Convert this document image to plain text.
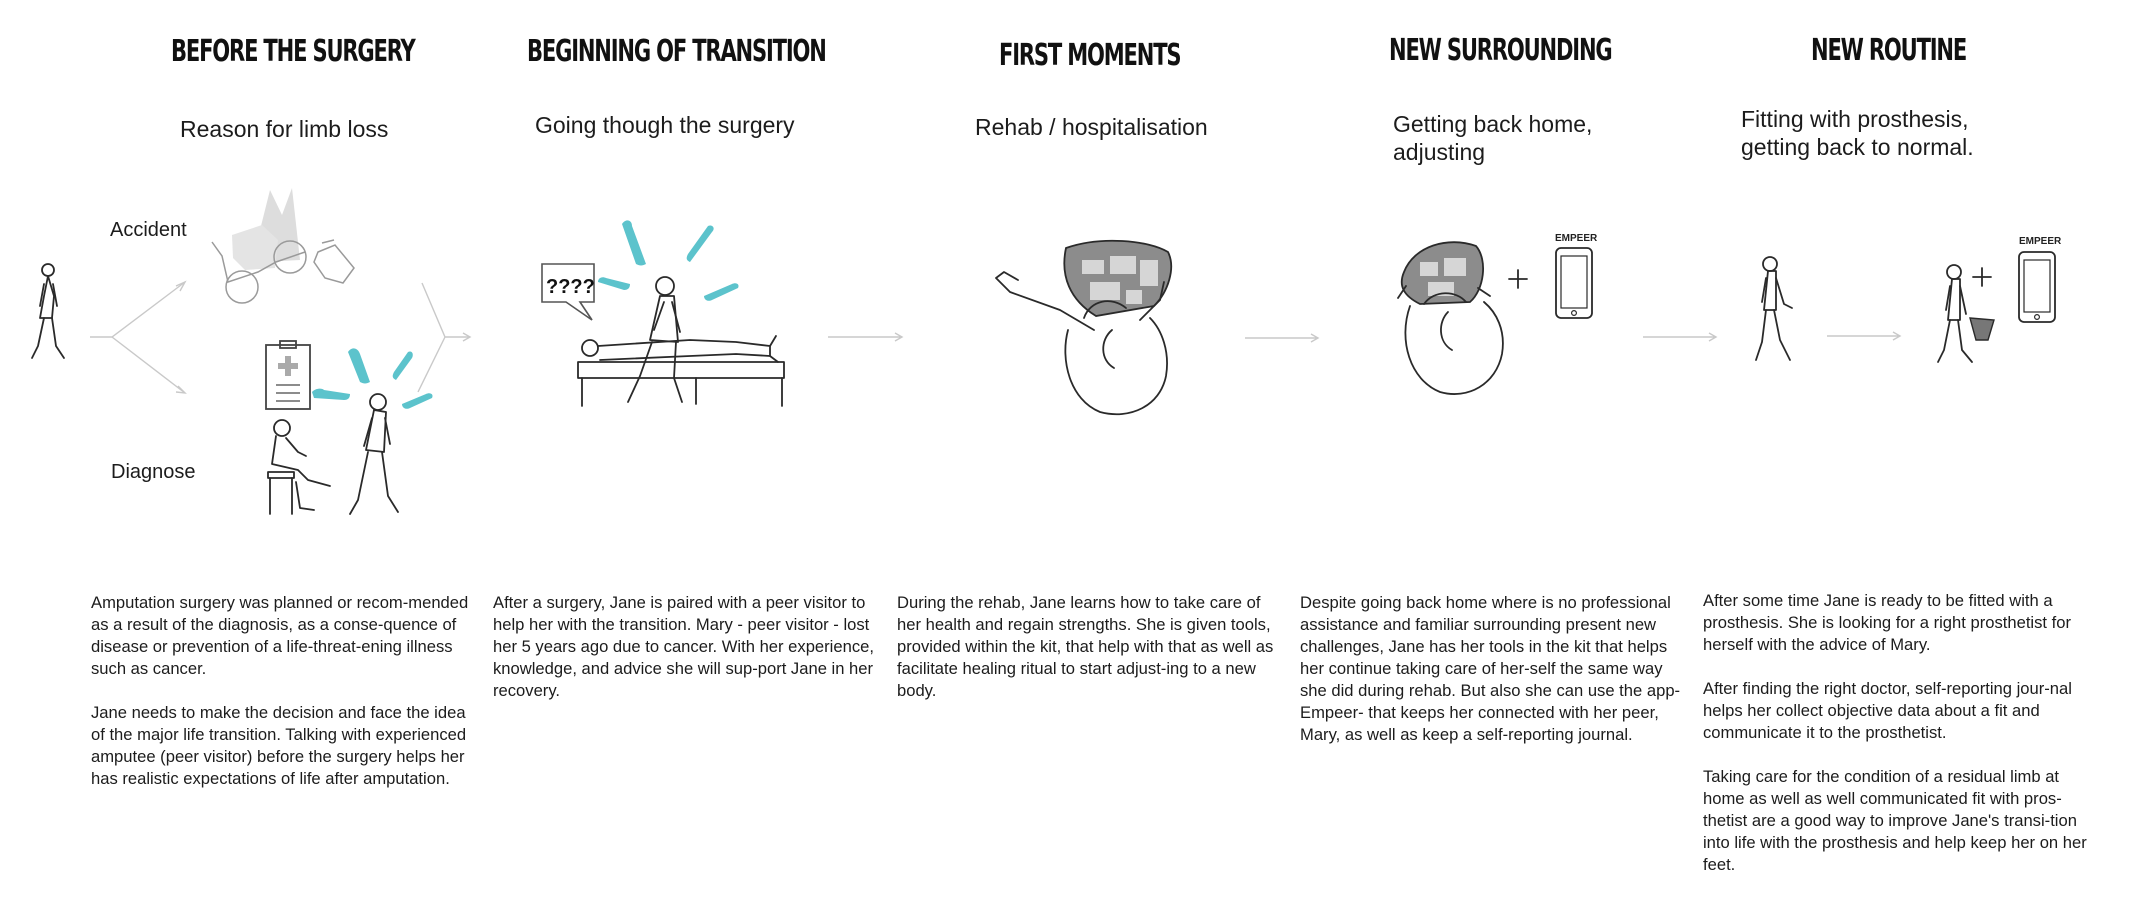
BEFORE THE SURGERY	BEGINNING OF TRANSITION	FIRST MOMENTS	NEW SURROUNDING	NEW ROUTINE
Reason for limb loss	Going though the surgery	Rehab / hospitalisation	Getting back home,
adjusting
Fitting with prosthesis,
getting back to normal.
Accident
Diagnose
????
EMPEER	EMPEER

Amputation surgery was planned or recom-mended as a result of the diagnosis, as a conse-quence of disease or prevention of a life-threat-ening illness such as cancer.

Jane needs to make the decision and face the idea of the major life transition. Talking with experienced amputee (peer visitor) before the surgery helps her has realistic expectations of life after amputation.

After a surgery, Jane is paired with a peer visitor to help her with the transition. Mary - peer visitor - lost her 5 years ago due to cancer. With her experience, knowledge, and advice she will sup-port Jane in her recovery.

During the rehab, Jane learns how to take care of her health and regain strengths. She is given tools, provided within the kit, that help with that as well as facilitate healing ritual to start adjust-ing to a new body.

Despite going back home where is no professional assistance and familiar surrounding present new challenges, Jane has her tools in the kit that helps her continue taking care of her-self the same way she did during rehab. But also she can use the app- Empeer- that keeps her connected with her peer, Mary, as well as keep a self-reporting journal.

After some time Jane is ready to be fitted with a prosthesis. She is looking for a right prosthetist for herself with the advice of Mary.

After finding the right doctor, self-reporting jour-nal helps her collect objective data about a fit and communicate it to the prosthetist.

Taking care for the condition of a residual limb at home as well as well communicated fit with pros-thetist are a good way to improve Jane's transi-tion into life with the prosthesis and help keep her on her feet.
